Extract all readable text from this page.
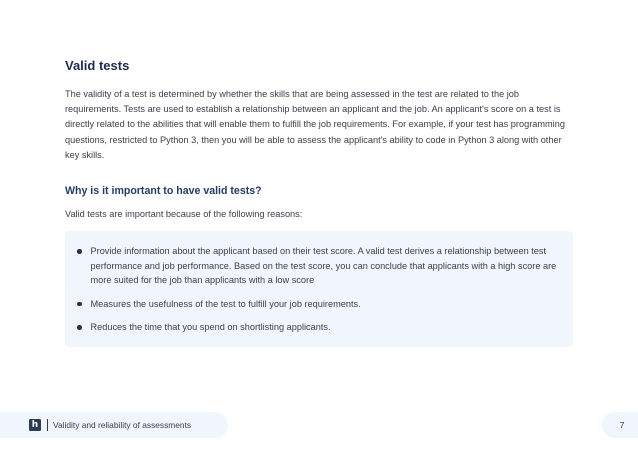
Valid tests

The validity of a test is determined by whether the skills that are being assessed in the test are related to the job requirements. Tests are used to establish a relationship between an applicant and the job. An applicant's score on a test is directly related to the abilities that will enable them to fulfill the job requirements. For example, if your test has programming questions, restricted to Python 3, then you will be able to assess the applicant's ability to code in Python 3 along with other key skills.

Why is it important to have valid tests?

Valid tests are important because of the following reasons:

Provide information about the applicant based on their test score. A valid test derives a relationship between test performance and job performance. Based on the test score, you can conclude that applicants with a high score are more suited for the job than applicants with a low score
Measures the usefulness of the test to fulfill your job requirements.
Reduces the time that you spend on shortlisting applicants.
h	Validity and reliability of assessments	7
